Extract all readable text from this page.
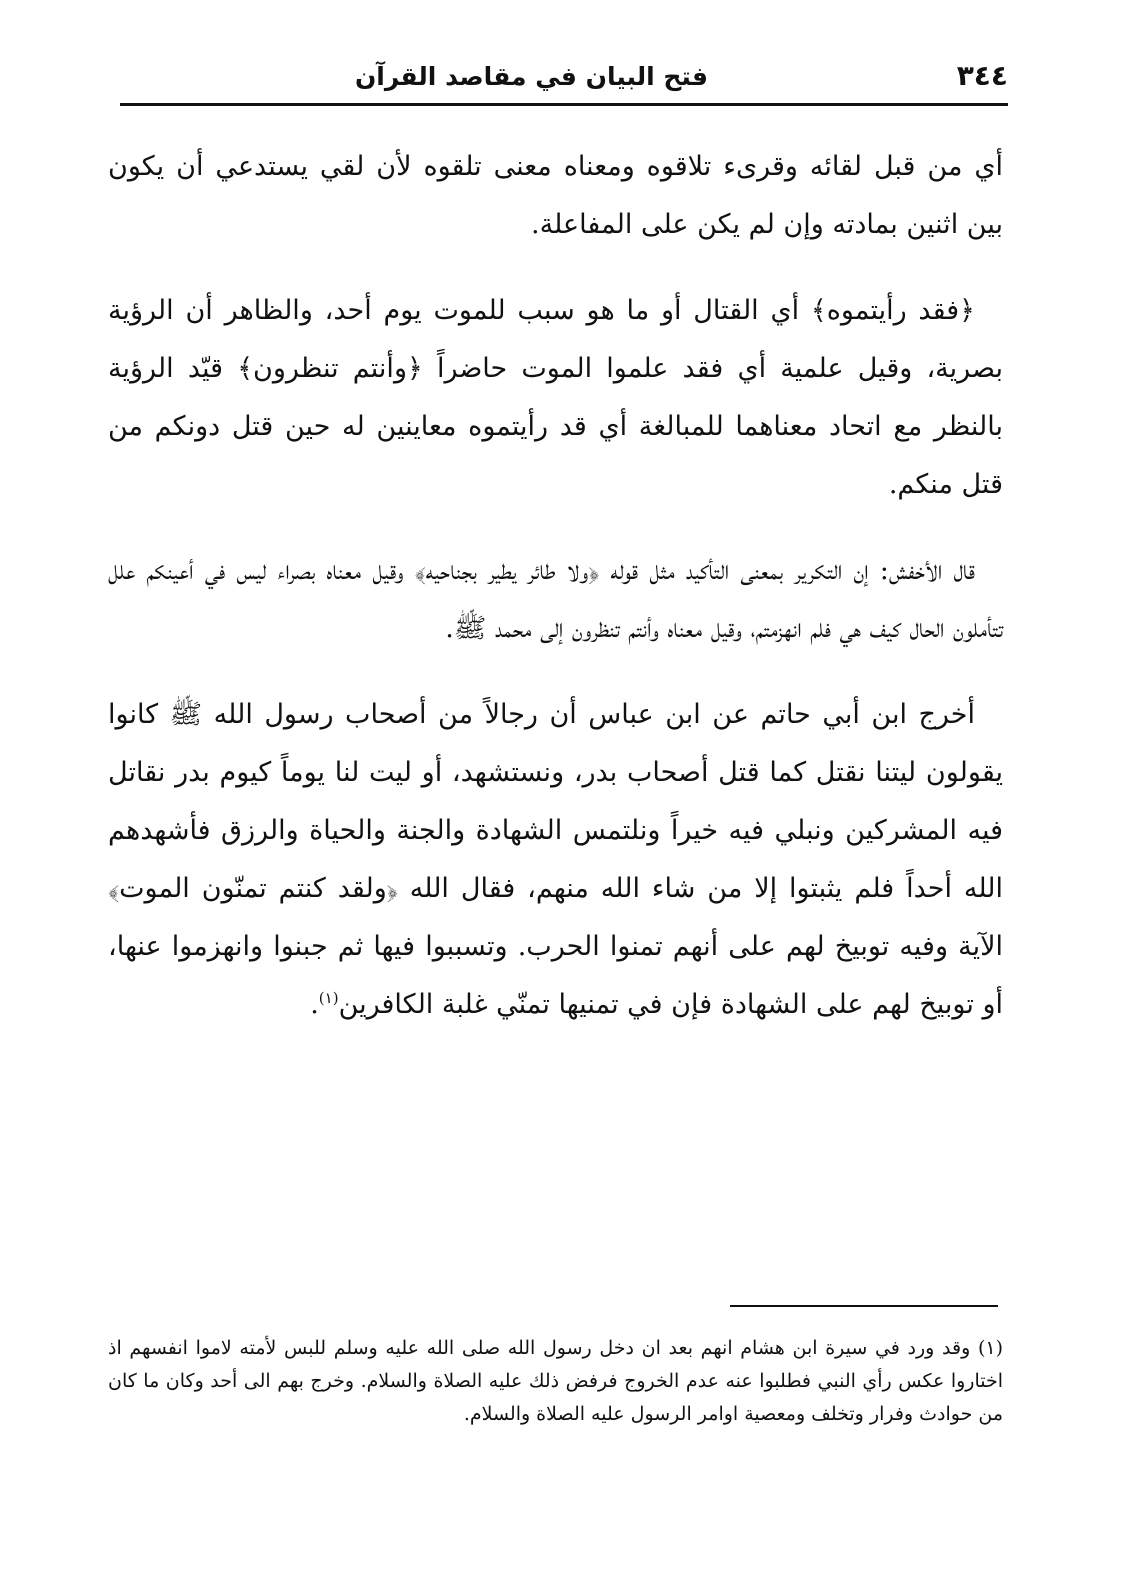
٣٤٤
فتح البيان في مقاصد القرآن

أي من قبل لقائه وقرىء تلاقوه ومعناه معنى تلقوه لأن لقي يستدعي أن يكون بين اثنين بمادته وإن لم يكن على المفاعلة.

﴿فقد رأيتموه﴾ أي القتال أو ما هو سبب للموت يوم أحد، والظاهر أن الرؤية بصرية، وقيل علمية أي فقد علموا الموت حاضراً ﴿وأنتم تنظرون﴾ قيّد الرؤية بالنظر مع اتحاد معناهما للمبالغة أي قد رأيتموه معاينين له حين قتل دونكم من قتل منكم.

قال الأخفش: إن التكرير بمعنى التأكيد مثل قوله ﴿ولا طائر يطير بجناحيه﴾ وقيل معناه بصراء ليس في أعينكم علل تتأملون الحال كيف هي فلم انهزمتم، وقيل معناه وأنتم تنظرون إلى محمد ﷺ.

أخرج ابن أبي حاتم عن ابن عباس أن رجالاً من أصحاب رسول الله ﷺ كانوا يقولون ليتنا نقتل كما قتل أصحاب بدر، ونستشهد، أو ليت لنا يوماً كيوم بدر نقاتل فيه المشركين ونبلي فيه خيراً ونلتمس الشهادة والجنة والحياة والرزق فأشهدهم الله أحداً فلم يثبتوا إلا من شاء الله منهم، فقال الله ﴿ولقد كنتم تمنّون الموت﴾ الآية وفيه توبيخ لهم على أنهم تمنوا الحرب. وتسببوا فيها ثم جبنوا وانهزموا عنها، أو توبيخ لهم على الشهادة فإن في تمنيها تمنّي غلبة الكافرين$^{(١)}$.

(١) وقد ورد في سيرة ابن هشام انهم بعد ان دخل رسول الله صلى الله عليه وسلم للبس لأمته لاموا انفسهم اذ اختاروا عكس رأي النبي فطلبوا عنه عدم الخروج فرفض ذلك عليه الصلاة والسلام. وخرج بهم الى أحد وكان ما كان من حوادث وفرار وتخلف ومعصية اوامر الرسول عليه الصلاة والسلام.
